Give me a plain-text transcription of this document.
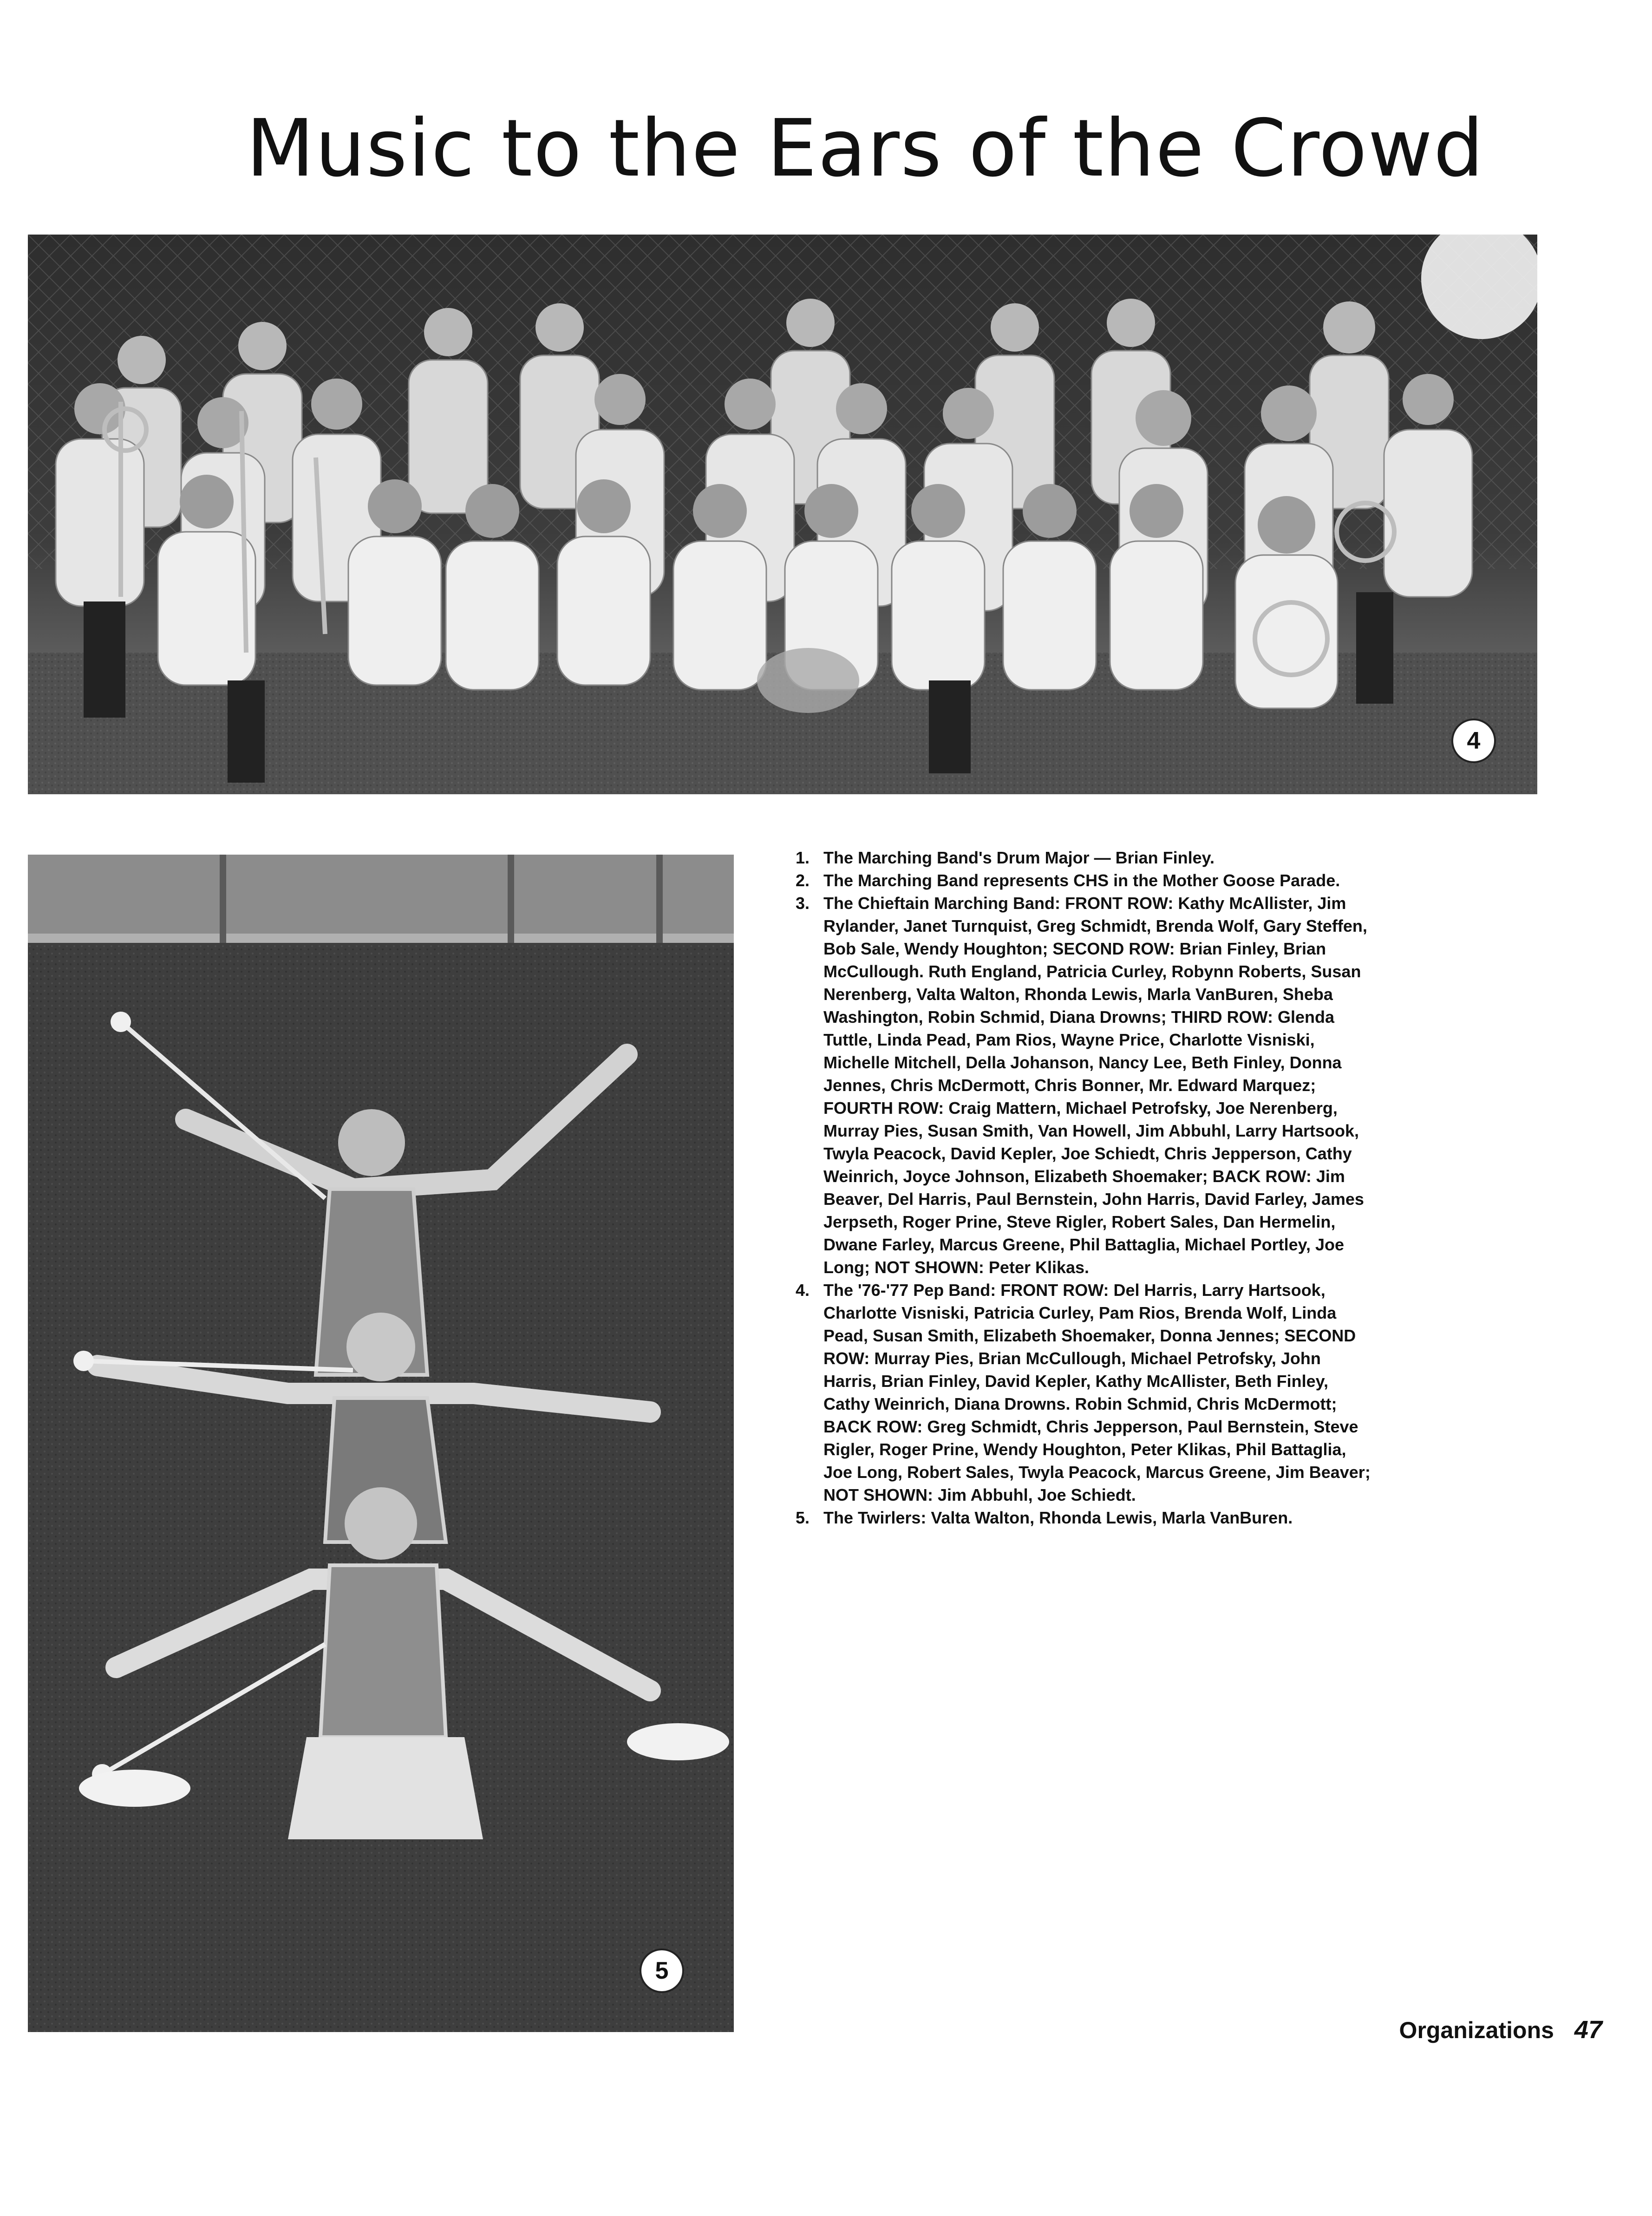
Music to the Ears of the Crowd
4
5
1. The Marching Band's Drum Major — Brian Finley.
2. The Marching Band represents CHS in the Mother Goose Parade.
3. The Chieftain Marching Band: FRONT ROW: Kathy McAllister, Jim Rylander, Janet Turnquist, Greg Schmidt, Brenda Wolf, Gary Steffen, Bob Sale, Wendy Houghton; SECOND ROW: Brian Finley, Brian McCullough. Ruth England, Patricia Curley, Robynn Roberts, Susan Nerenberg, Valta Walton, Rhonda Lewis, Marla VanBuren, Sheba Washington, Robin Schmid, Diana Drowns; THIRD ROW: Glenda Tuttle, Linda Pead, Pam Rios, Wayne Price, Charlotte Visniski, Michelle Mitchell, Della Johanson, Nancy Lee, Beth Finley, Donna Jennes, Chris McDermott, Chris Bonner, Mr. Edward Marquez; FOURTH ROW: Craig Mattern, Michael Petrofsky, Joe Nerenberg, Murray Pies, Susan Smith, Van Howell, Jim Abbuhl, Larry Hartsook, Twyla Peacock, David Kepler, Joe Schiedt, Chris Jepperson, Cathy Weinrich, Joyce Johnson, Elizabeth Shoemaker; BACK ROW: Jim Beaver, Del Harris, Paul Bernstein, John Harris, David Farley, James Jerpseth, Roger Prine, Steve Rigler, Robert Sales, Dan Hermelin, Dwane Farley, Marcus Greene, Phil Battaglia, Michael Portley, Joe Long; NOT SHOWN: Peter Klikas.
4. The '76-'77 Pep Band: FRONT ROW: Del Harris, Larry Hartsook, Charlotte Visniski, Patricia Curley, Pam Rios, Brenda Wolf, Linda Pead, Susan Smith, Elizabeth Shoemaker, Donna Jennes; SECOND ROW: Murray Pies, Brian McCullough, Michael Petrofsky, John Harris, Brian Finley, David Kepler, Kathy McAllister, Beth Finley, Cathy Weinrich, Diana Drowns. Robin Schmid, Chris McDermott; BACK ROW: Greg Schmidt, Chris Jepperson, Paul Bernstein, Steve Rigler, Roger Prine, Wendy Houghton, Peter Klikas, Phil Battaglia, Joe Long, Robert Sales, Twyla Peacock, Marcus Greene, Jim Beaver; NOT SHOWN: Jim Abbuhl, Joe Schiedt.
5. The Twirlers: Valta Walton, Rhonda Lewis, Marla VanBuren.
Organizations 47
